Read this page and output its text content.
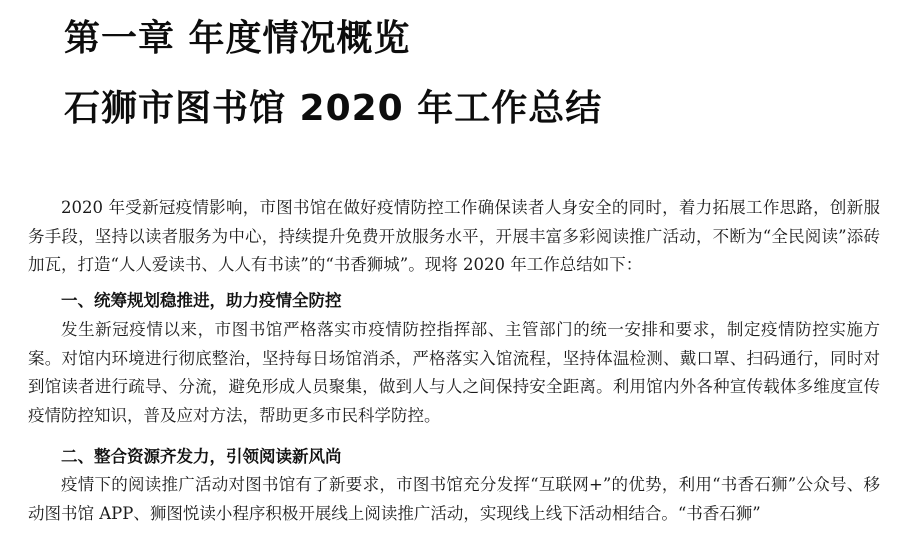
第一章 年度情况概览
石狮市图书馆 2020 年工作总结
2020 年受新冠疫情影响，市图书馆在做好疫情防控工作确保读者人身安全的同时，着力拓展工作思路，创新服务手段，坚持以读者服务为中心，持续提升免费开放服务水平，开展丰富多彩阅读推广活动，不断为“全民阅读”添砖加瓦，打造“人人爱读书、人人有书读”的“书香狮城”。现将 2020 年工作总结如下：
一、统筹规划稳推进，助力疫情全防控
发生新冠疫情以来，市图书馆严格落实市疫情防控指挥部、主管部门的统一安排和要求，制定疫情防控实施方案。对馆内环境进行彻底整治，坚持每日场馆消杀，严格落实入馆流程，坚持体温检测、戴口罩、扫码通行，同时对到馆读者进行疏导、分流，避免形成人员聚集，做到人与人之间保持安全距离。利用馆内外各种宣传载体多维度宣传疫情防控知识，普及应对方法，帮助更多市民科学防控。
二、整合资源齐发力，引领阅读新风尚
疫情下的阅读推广活动对图书馆有了新要求，市图书馆充分发挥“互联网+”的优势，利用“书香石狮”公众号、移动图书馆 APP、狮图悦读小程序积极开展线上阅读推广活动，实现线上线下活动相结合。“书香石狮”
